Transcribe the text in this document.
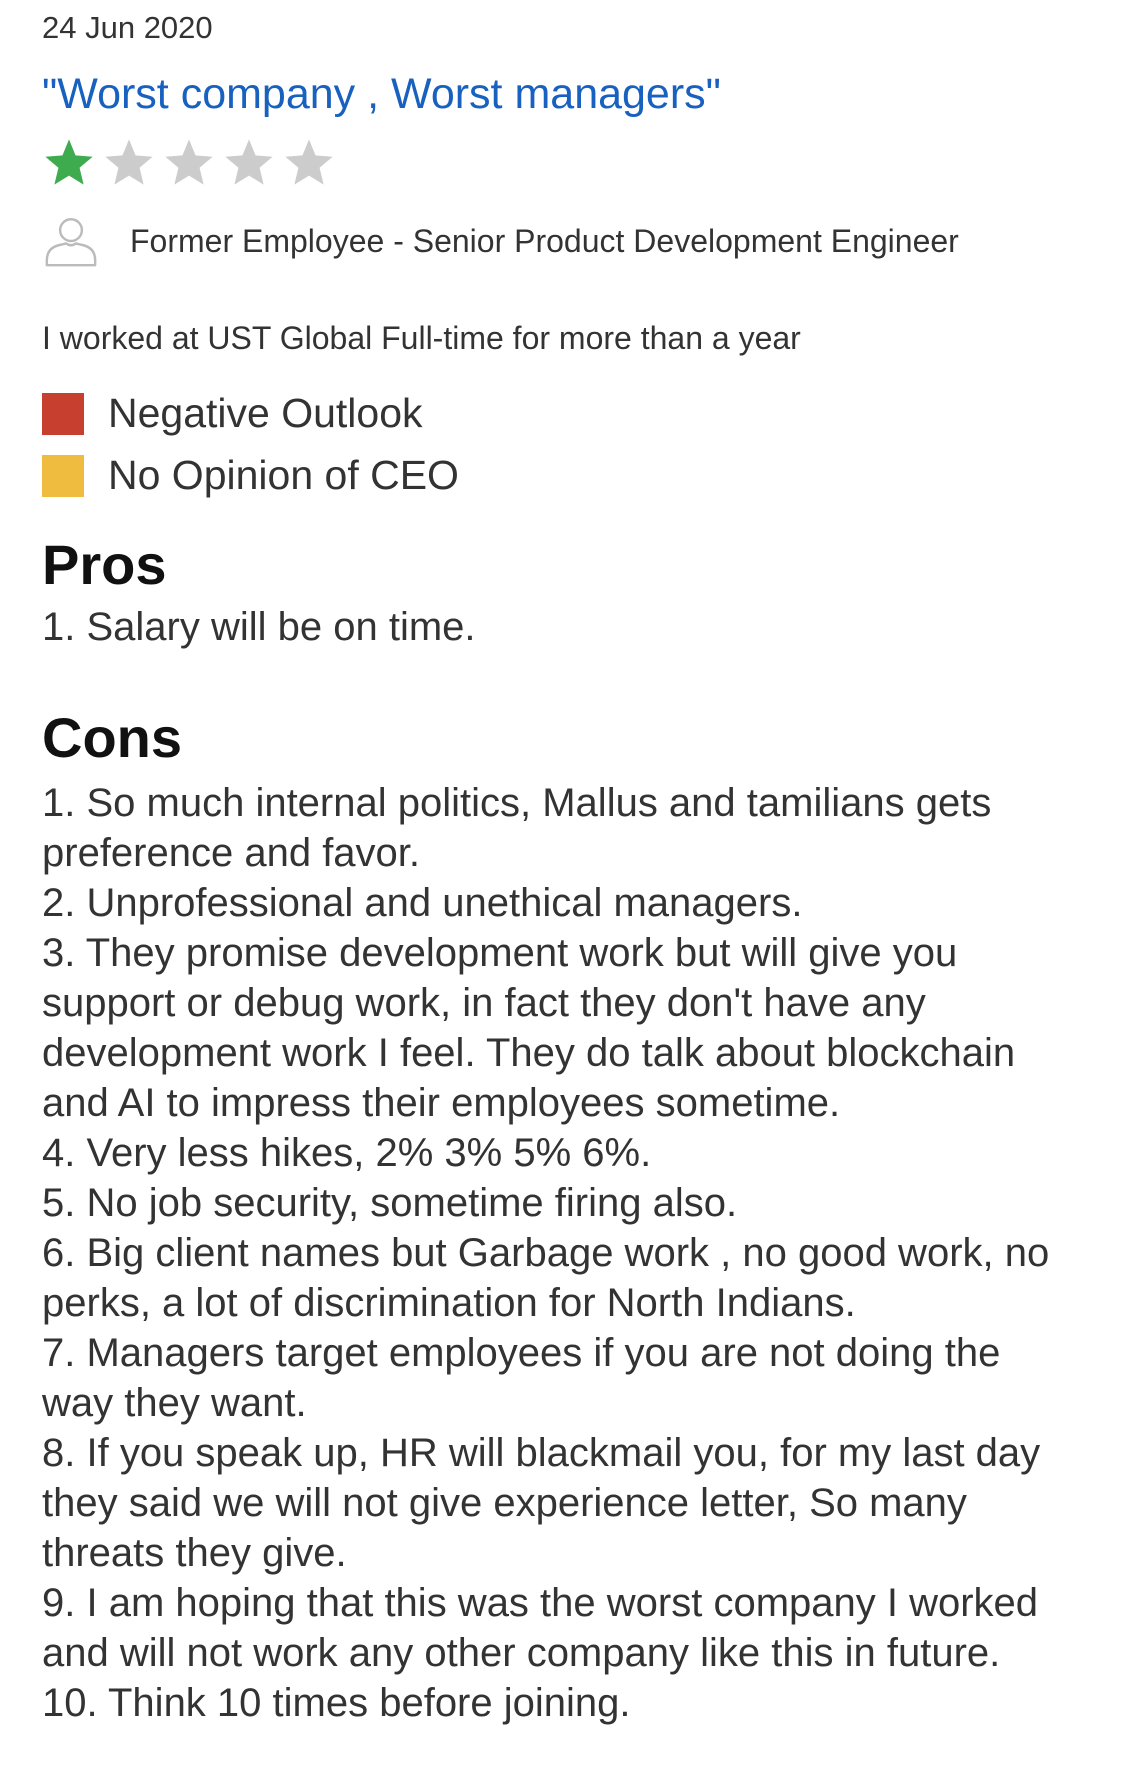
24 Jun 2020
"Worst company , Worst managers"
Former Employee - Senior Product Development Engineer
I worked at UST Global Full-time for more than a year
Negative Outlook
No Opinion of CEO
Pros
1. Salary will be on time.
Cons
1. So much internal politics, Mallus and tamilians gets preference and favor.
2. Unprofessional and unethical managers.
3. They promise development work but will give you support or debug work, in fact they don't have any development work I feel. They do talk about blockchain and AI to impress their employees sometime.
4. Very less hikes, 2% 3% 5% 6%.
5. No job security, sometime firing also.
6. Big client names but Garbage work , no good work, no perks, a lot of discrimination for North Indians.
7. Managers target employees if you are not doing the way they want.
8. If you speak up, HR will blackmail you, for my last day they said we will not give experience letter, So many threats they give.
9. I am hoping that this was the worst company I worked and will not work any other company like this in future.
10. Think 10 times before joining.
